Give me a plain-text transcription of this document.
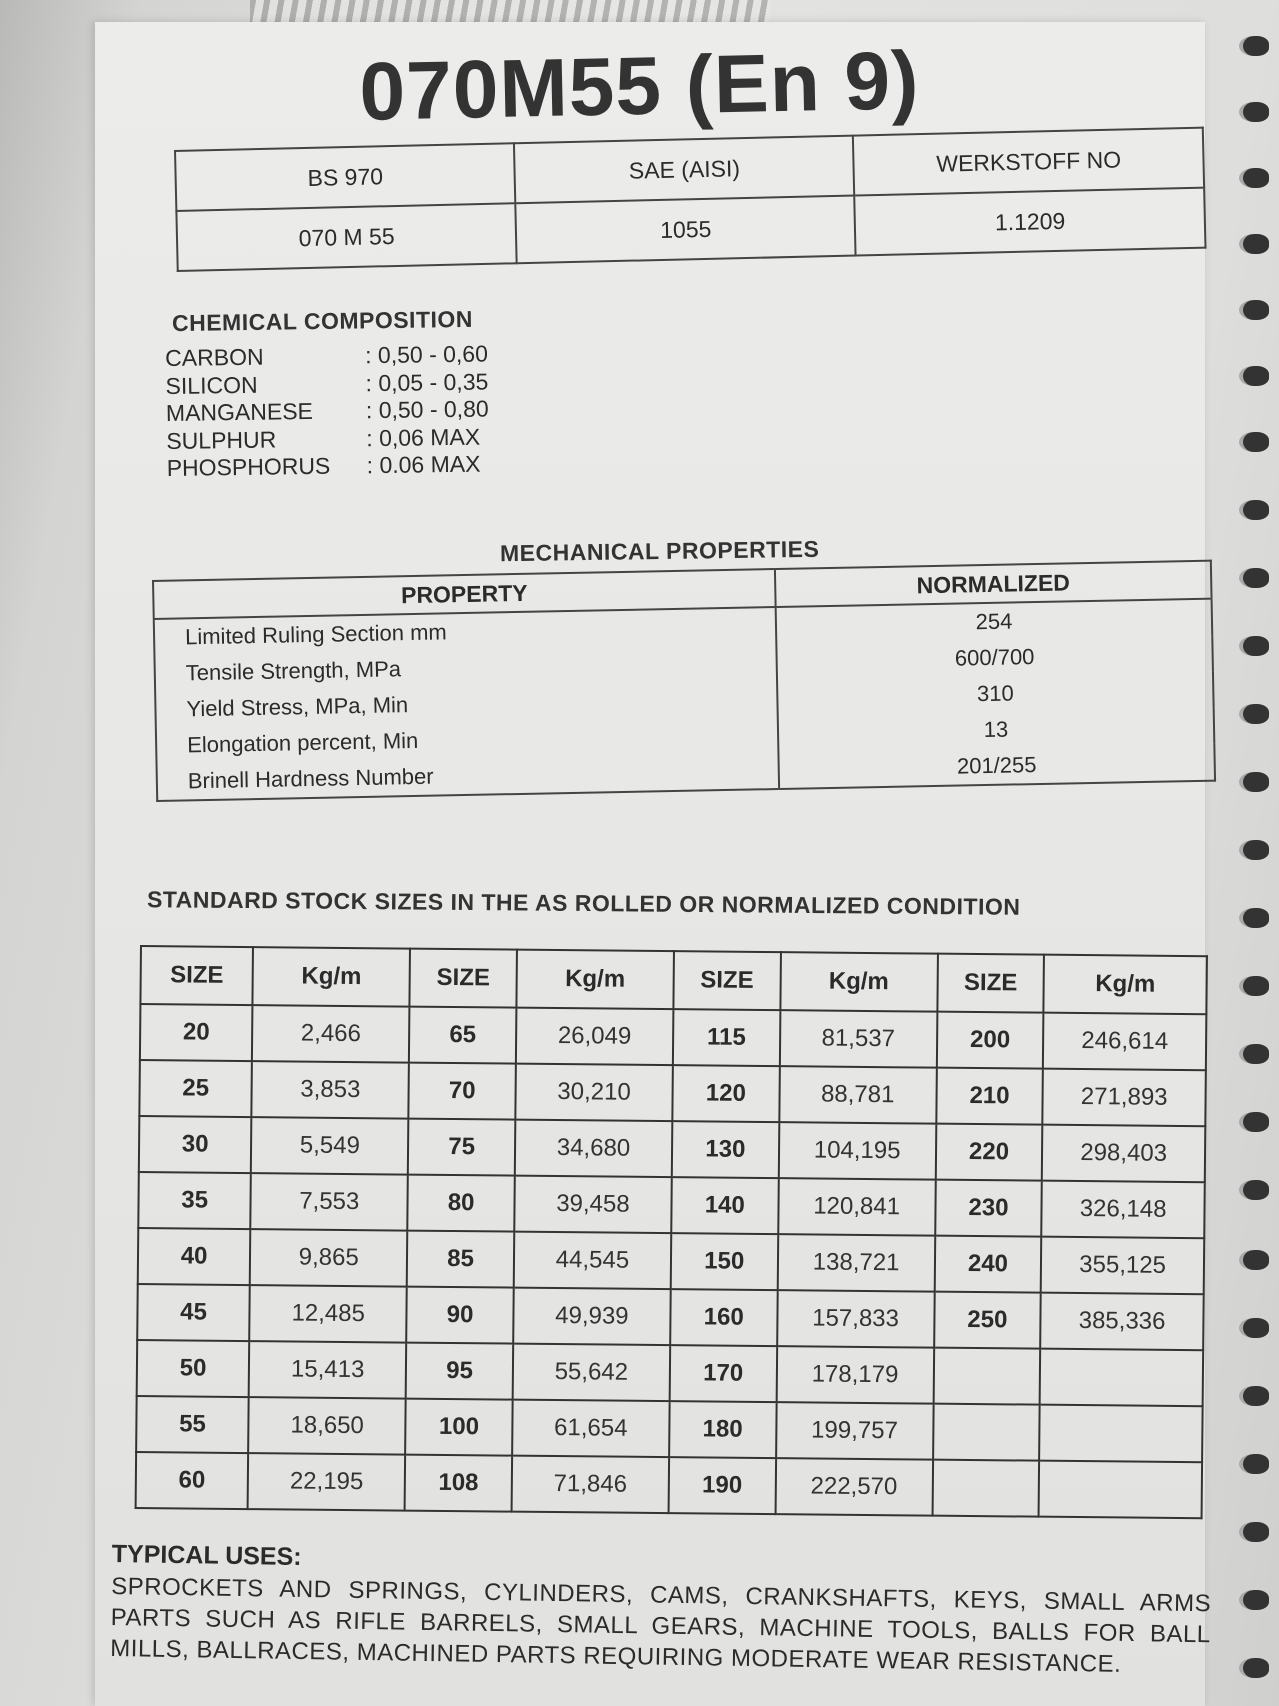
070M55 (En 9)
BS 970	SAE (AISI)	WERKSTOFF NO
070 M 55	1055	1.1209
CHEMICAL COMPOSITION
CARBON	: 0,50 - 0,60
SILICON	: 0,05 - 0,35
MANGANESE	: 0,50 - 0,80
SULPHUR	: 0,06 MAX
PHOSPHORUS	: 0.06 MAX
MECHANICAL PROPERTIES
PROPERTY	NORMALIZED
Limited Ruling Section mm	254
Tensile Strength, MPa	600/700
Yield Stress, MPa, Min	310
Elongation percent, Min	13
Brinell Hardness Number	201/255
STANDARD STOCK SIZES IN THE AS ROLLED OR NORMALIZED CONDITION
SIZE	Kg/m	SIZE	Kg/m	SIZE	Kg/m	SIZE	Kg/m
20	2,466	65	26,049	115	81,537	200	246,614
25	3,853	70	30,210	120	88,781	210	271,893
30	5,549	75	34,680	130	104,195	220	298,403
35	7,553	80	39,458	140	120,841	230	326,148
40	9,865	85	44,545	150	138,721	240	355,125
45	12,485	90	49,939	160	157,833	250	385,336
50	15,413	95	55,642	170	178,179		
55	18,650	100	61,654	180	199,757		
60	22,195	108	71,846	190	222,570		
TYPICAL USES:
SPROCKETS AND SPRINGS, CYLINDERS, CAMS, CRANKSHAFTS, KEYS, SMALL ARMS PARTS SUCH AS RIFLE BARRELS, SMALL GEARS, MACHINE TOOLS, BALLS FOR BALL MILLS, BALLRACES, MACHINED PARTS REQUIRING MODERATE WEAR RESISTANCE.
